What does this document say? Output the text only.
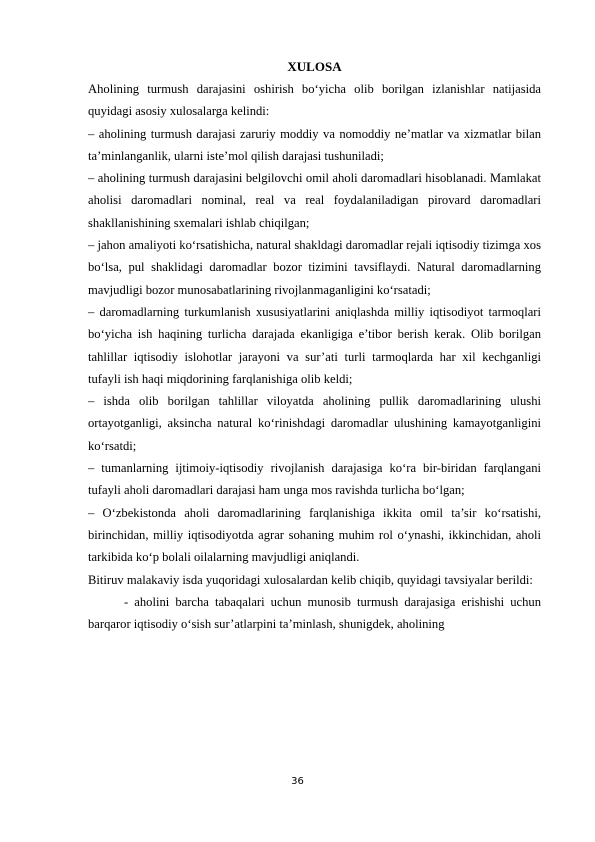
XULOSA

Aholining turmush darajasini oshirish bo‘yicha olib borilgan izlanishlar natijasida quyidagi asosiy xulosalarga kelindi:

– aholining turmush darajasi zaruriy moddiy va nomoddiy ne’matlar va xizmatlar bilan ta’minlanganlik, ularni iste’mol qilish darajasi tushuniladi;

– aholining turmush darajasini belgilovchi omil aholi daromadlari hisoblanadi. Mamlakat aholisi daromadlari nominal, real va real foydalaniladigan pirovard daromadlari shakllanishining sxemalari ishlab chiqilgan;

– jahon amaliyoti ko‘rsatishicha, natural shakldagi daromadlar rejali iqtisodiy tizimga xos bo‘lsa, pul shaklidagi daromadlar bozor tizimini tavsiflaydi. Natural daromadlarning mavjudligi bozor munosabatlarining rivojlanmaganligini ko‘rsatadi;

– daromadlarning turkumlanish xususiyatlarini aniqlashda milliy iqtisodiyot tarmoqlari bo‘yicha ish haqining turlicha darajada ekanligiga e’tibor berish kerak. Olib borilgan tahlillar iqtisodiy islohotlar jarayoni va sur’ati turli tarmoqlarda har xil kechganligi tufayli ish haqi miqdorining farqlanishiga olib keldi;

– ishda olib borilgan tahlillar viloyatda aholining pullik daromadlarining ulushi ortayotganligi, aksincha natural ko‘rinishdagi daromadlar ulushining kamayotganligini ko‘rsatdi;

– tumanlarning ijtimoiy-iqtisodiy rivojlanish darajasiga ko‘ra bir-biridan farqlangani tufayli aholi daromadlari darajasi ham unga mos ravishda turlicha bo‘lgan;

– O‘zbekistonda aholi daromadlarining farqlanishiga ikkita omil ta’sir ko‘rsatishi, birinchidan, milliy iqtisodiyotda agrar sohaning muhim rol o‘ynashi, ikkinchidan, aholi tarkibida ko‘p bolali oilalarning mavjudligi aniqlandi.

Bitiruv malakaviy isda yuqoridagi xulosalardan kelib chiqib, quyidagi tavsiyalar berildi:

- aholini barcha tabaqalari uchun munosib turmush darajasiga erishishi uchun barqaror iqtisodiy o‘sish sur’atlarpini ta’minlash, shunigdek, aholining

36
